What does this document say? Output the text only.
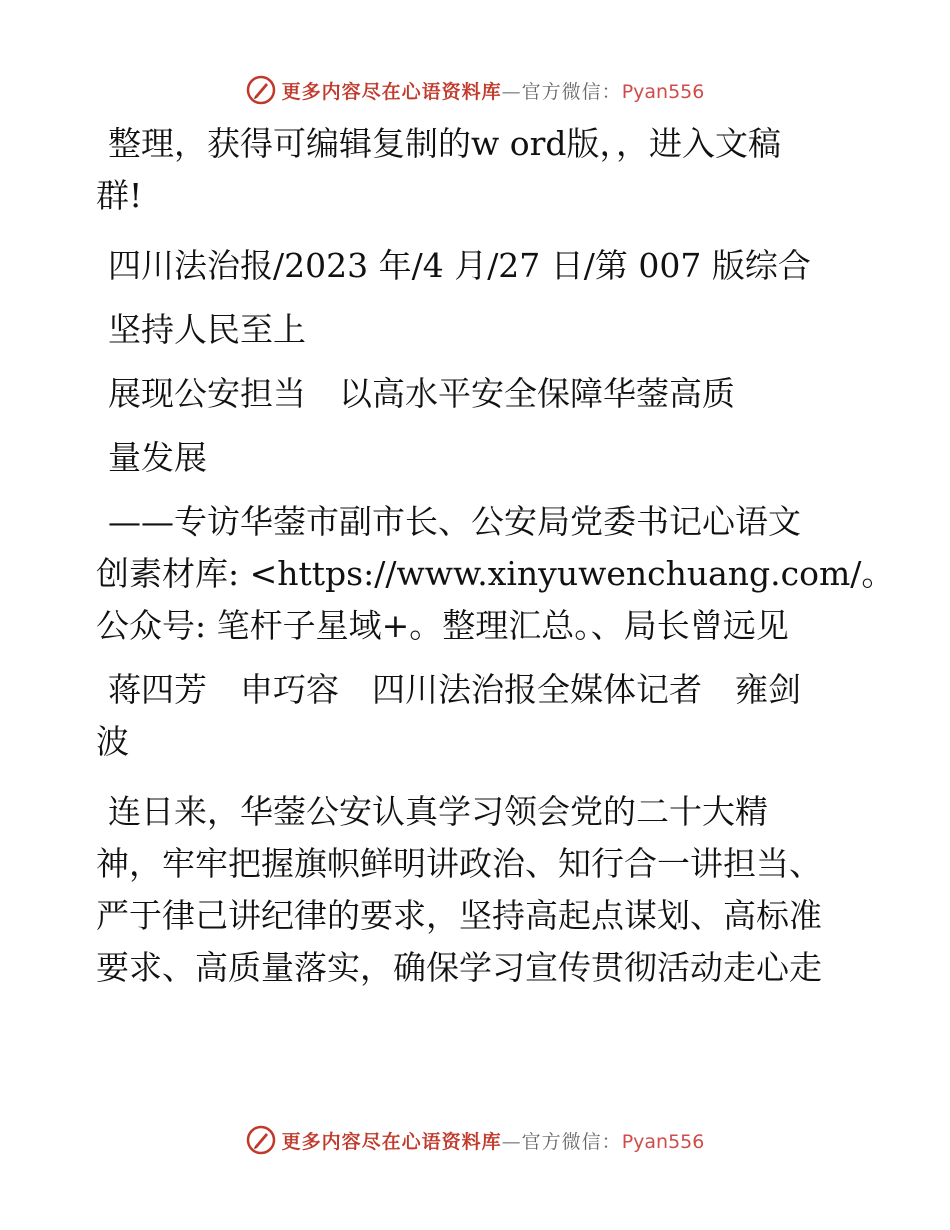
更多内容尽在心语资料库—官方微信：Pyan556

整理，获得可编辑复制的w ord版，，进入文稿

群!

四川法治报/2023 年/4 月/27 日/第 007 版综合

坚持人民至上

展现公安担当　以高水平安全保障华蓥高质

量发展

——专访华蓥市副市长、公安局党委书记心语文

创素材库: <https://www.xinyuwenchuang.com/。

公众号: 笔杆子星域+。整理汇总。、局长曾远见

蒋四芳　申巧容　四川法治报全媒体记者　雍剑

波

连日来，华蓥公安认真学习领会党的二十大精

神，牢牢把握旗帜鲜明讲政治、知行合一讲担当、

严于律己讲纪律的要求，坚持高起点谋划、高标准

要求、高质量落实，确保学习宣传贯彻活动走心走

更多内容尽在心语资料库—官方微信：Pyan556
